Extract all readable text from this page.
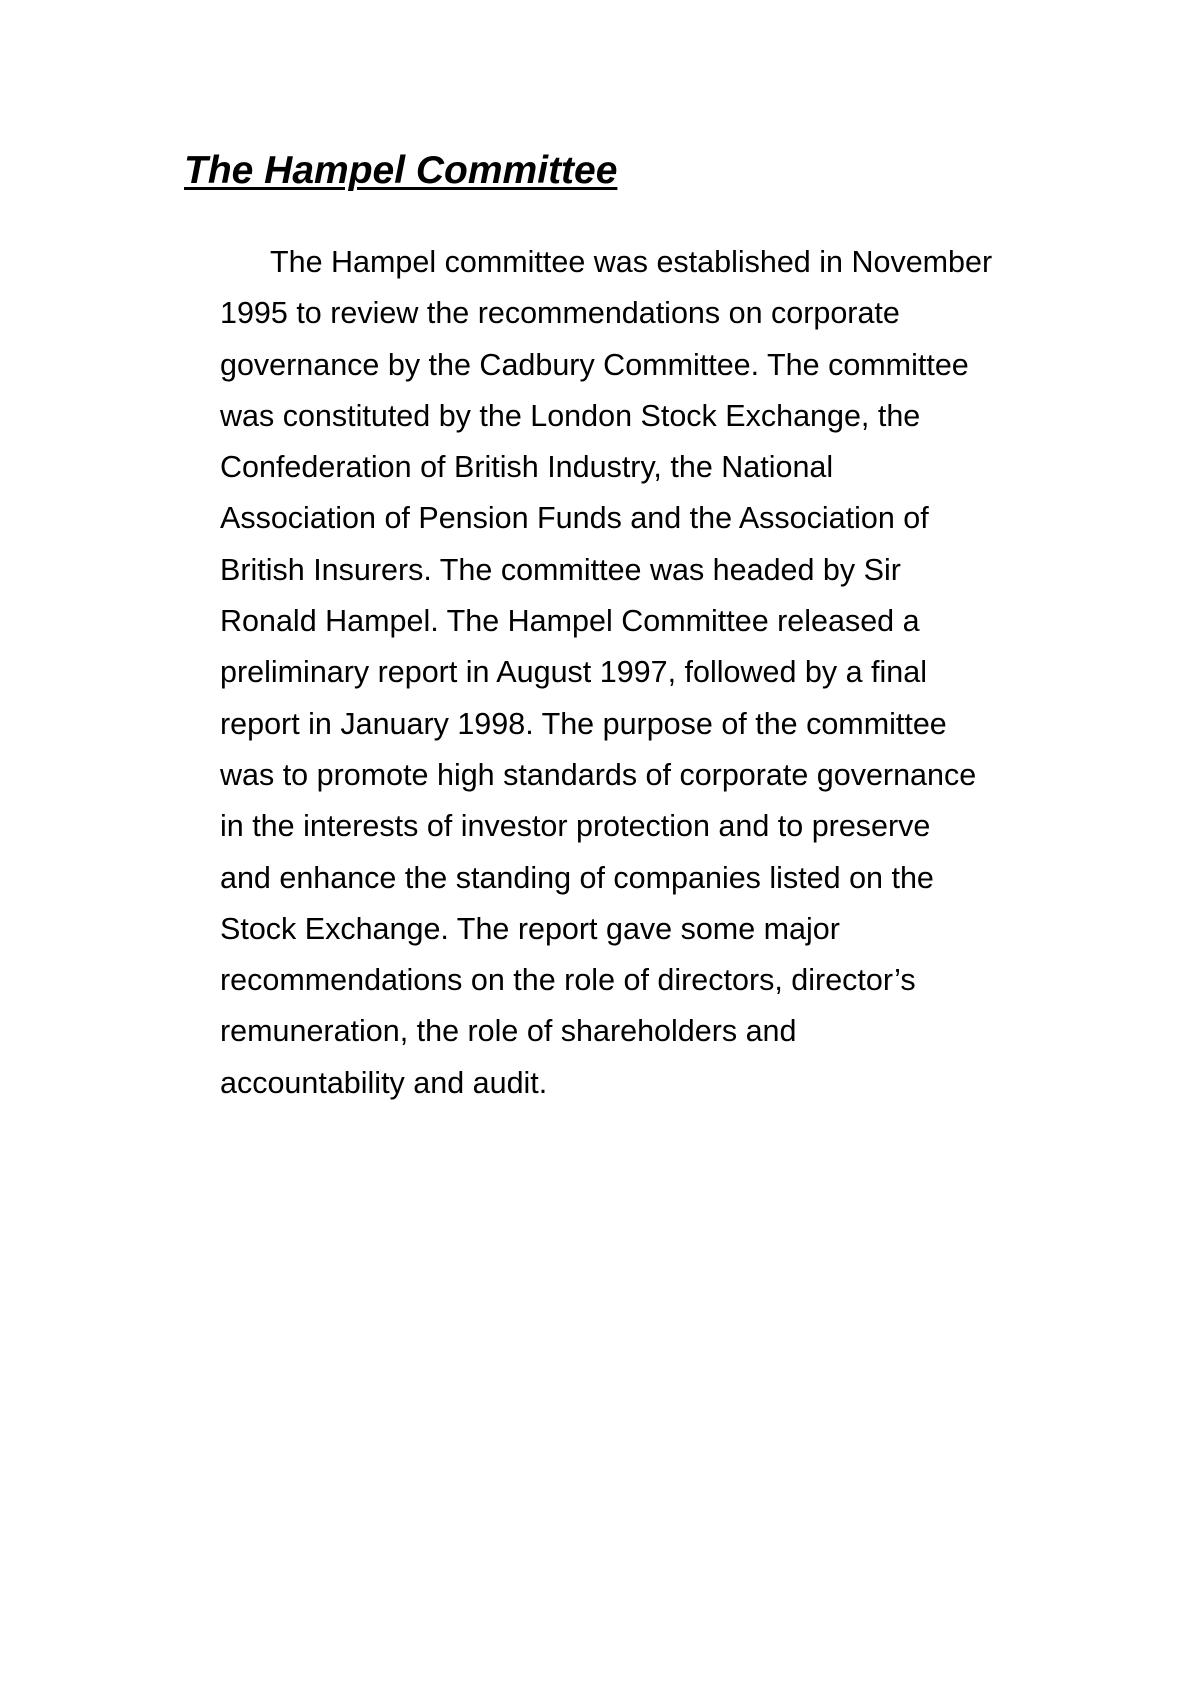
The Hampel Committee
The Hampel committee was established in November
1995 to review the recommendations on corporate
governance by the Cadbury Committee. The committee
was constituted by the London Stock Exchange, the
Confederation of British Industry, the National
Association of Pension Funds and the Association of
British Insurers. The committee was headed by Sir
Ronald Hampel. The Hampel Committee released a
preliminary report in August 1997, followed by a final
report in January 1998. The purpose of the committee
was to promote high standards of corporate governance
in the interests of investor protection and to preserve
and enhance the standing of companies listed on the
Stock Exchange. The report gave some major
recommendations on the role of directors, director’s
remuneration, the role of shareholders and
accountability and audit.
